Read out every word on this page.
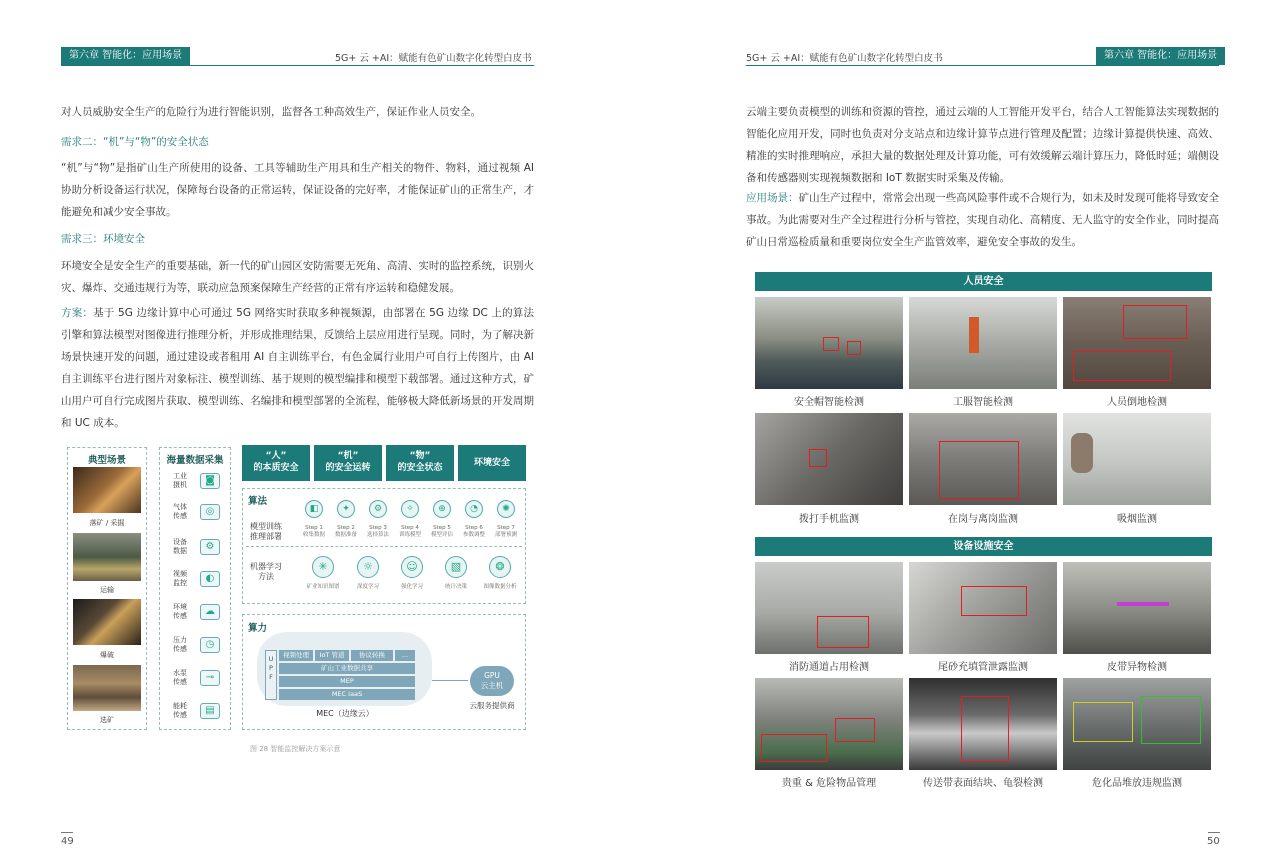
第六章 智能化：应用场景	5G+ 云 +AI：赋能有色矿山数字化转型白皮书
对人员威胁安全生产的危险行为进行智能识别，监督各工种高效生产，保证作业人员安全。
需求二：“机”与“物”的安全状态
“机”与“物”是指矿山生产所使用的设备、工具等辅助生产用具和生产相关的物件、物料，通过视频 AI 协助分析设备运行状况，保障每台设备的正常运转，保证设备的完好率，才能保证矿山的正常生产，才能避免和减少安全事故。
需求三：环境安全
环境安全是安全生产的重要基础，新一代的矿山园区安防需要无死角、高清、实时的监控系统，识别火灾、爆炸、交通违规行为等，联动应急预案保障生产经营的正常有序运转和稳健发展。
方案：基于 5G 边缘计算中心可通过 5G 网络实时获取多种视频源，由部署在 5G 边缘 DC 上的算法引擎和算法模型对图像进行推理分析，并形成推理结果，反馈给上层应用进行呈现。同时，为了解决新场景快速开发的问题，通过建设或者租用 AI 自主训练平台，有色金属行业用户可自行上传图片，由 AI 自主训练平台进行图片对象标注、模型训练、基于规则的模型编排和模型下载部署。通过这种方式，矿山用户可自行完成图片获取、模型训练、名编排和模型部署的全流程，能够极大降低新场景的开发周期和 UC 成本。
典型场景
落矿 / 采掘
运输
爆破
选矿
海量数据采集
工业
摄机	◙
气体
传感	◎
设备
数据	⚙
视频
监控	◐
环境
传感	☁
压力
传感	◷
水泵
传感	⊸
能耗
传感	▤
“人”
的本质安全
“机”
的安全运转
“物”
的安全状态	环境安全
算法
模型训练
推理部署
◧
Step 1
收集数据
✦
Step 2
数据准备
⚙
Step 3
选择算法
✧
Step 4
训练模型
⊕
Step 5
模型评估
◔
Step 6
参数调整
✺
Step 7
部署预测
机器学习
方法
✳
矿业知识图谱
☼
深度学习
☺
强化学习
▧
统计决策
❂
图像数据分析
算力
U
P
F
视频处理	IoT 管道	协议转换	...
矿山工业数据共享
MEP
MEC IaaS
MEC（边缘云）
GPU
云主机
云服务提供商
图 28 智能监控解决方案示意
49
5G+ 云 +AI：赋能有色矿山数字化转型白皮书	第六章 智能化：应用场景
云端主要负责模型的训练和资源的管控，通过云端的人工智能开发平台，结合人工智能算法实现数据的智能化应用开发，同时也负责对分支站点和边缘计算节点进行管理及配置；边缘计算提供快速、高效、精准的实时推理响应，承担大量的数据处理及计算功能，可有效缓解云端计算压力，降低时延；端侧设备和传感器则实现视频数据和 IoT 数据实时采集及传输。
应用场景：矿山生产过程中，常常会出现一些高风险事件或不合规行为，如未及时发现可能将导致安全事故。为此需要对生产全过程进行分析与管控，实现自动化、高精度、无人监守的安全作业，同时提高矿山日常巡检质量和重要岗位安全生产监管效率，避免安全事故的发生。
人员安全
安全帽智能检测	工服智能检测	人员倒地检测
拨打手机监测	在岗与离岗监测	吸烟监测
设备设施安全
消防通道占用检测	尾砂充填管泄露监测	皮带异物检测
贵重 & 危险物品管理	传送带表面结块、龟裂检测	危化品堆放违规监测
50
